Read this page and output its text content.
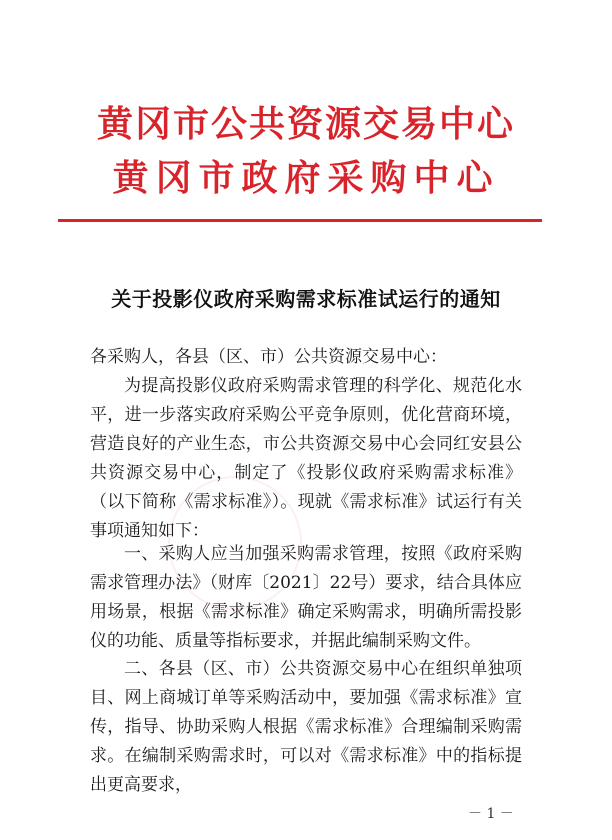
黄冈市公共资源交易中心
黄冈市政府采购中心
关于投影仪政府采购需求标准试运行的通知

各采购人，各县（区、市）公共资源交易中心：

为提高投影仪政府采购需求管理的科学化、规范化水平，进一步落实政府采购公平竞争原则，优化营商环境，营造良好的产业生态，市公共资源交易中心会同红安县公共资源交易中心，制定了《投影仪政府采购需求标准》（以下简称《需求标准》）。现就《需求标准》试运行有关事项通知如下：

一、采购人应当加强采购需求管理，按照《政府采购需求管理办法》（财库〔2021〕22号）要求，结合具体应用场景，根据《需求标准》确定采购需求，明确所需投影仪的功能、质量等指标要求，并据此编制采购文件。

二、各县（区、市）公共资源交易中心在组织单独项目、网上商城订单等采购活动中，要加强《需求标准》宣传，指导、协助采购人根据《需求标准》合理编制采购需求。在编制采购需求时，可以对《需求标准》中的指标提出更高要求，

－ 1 －
